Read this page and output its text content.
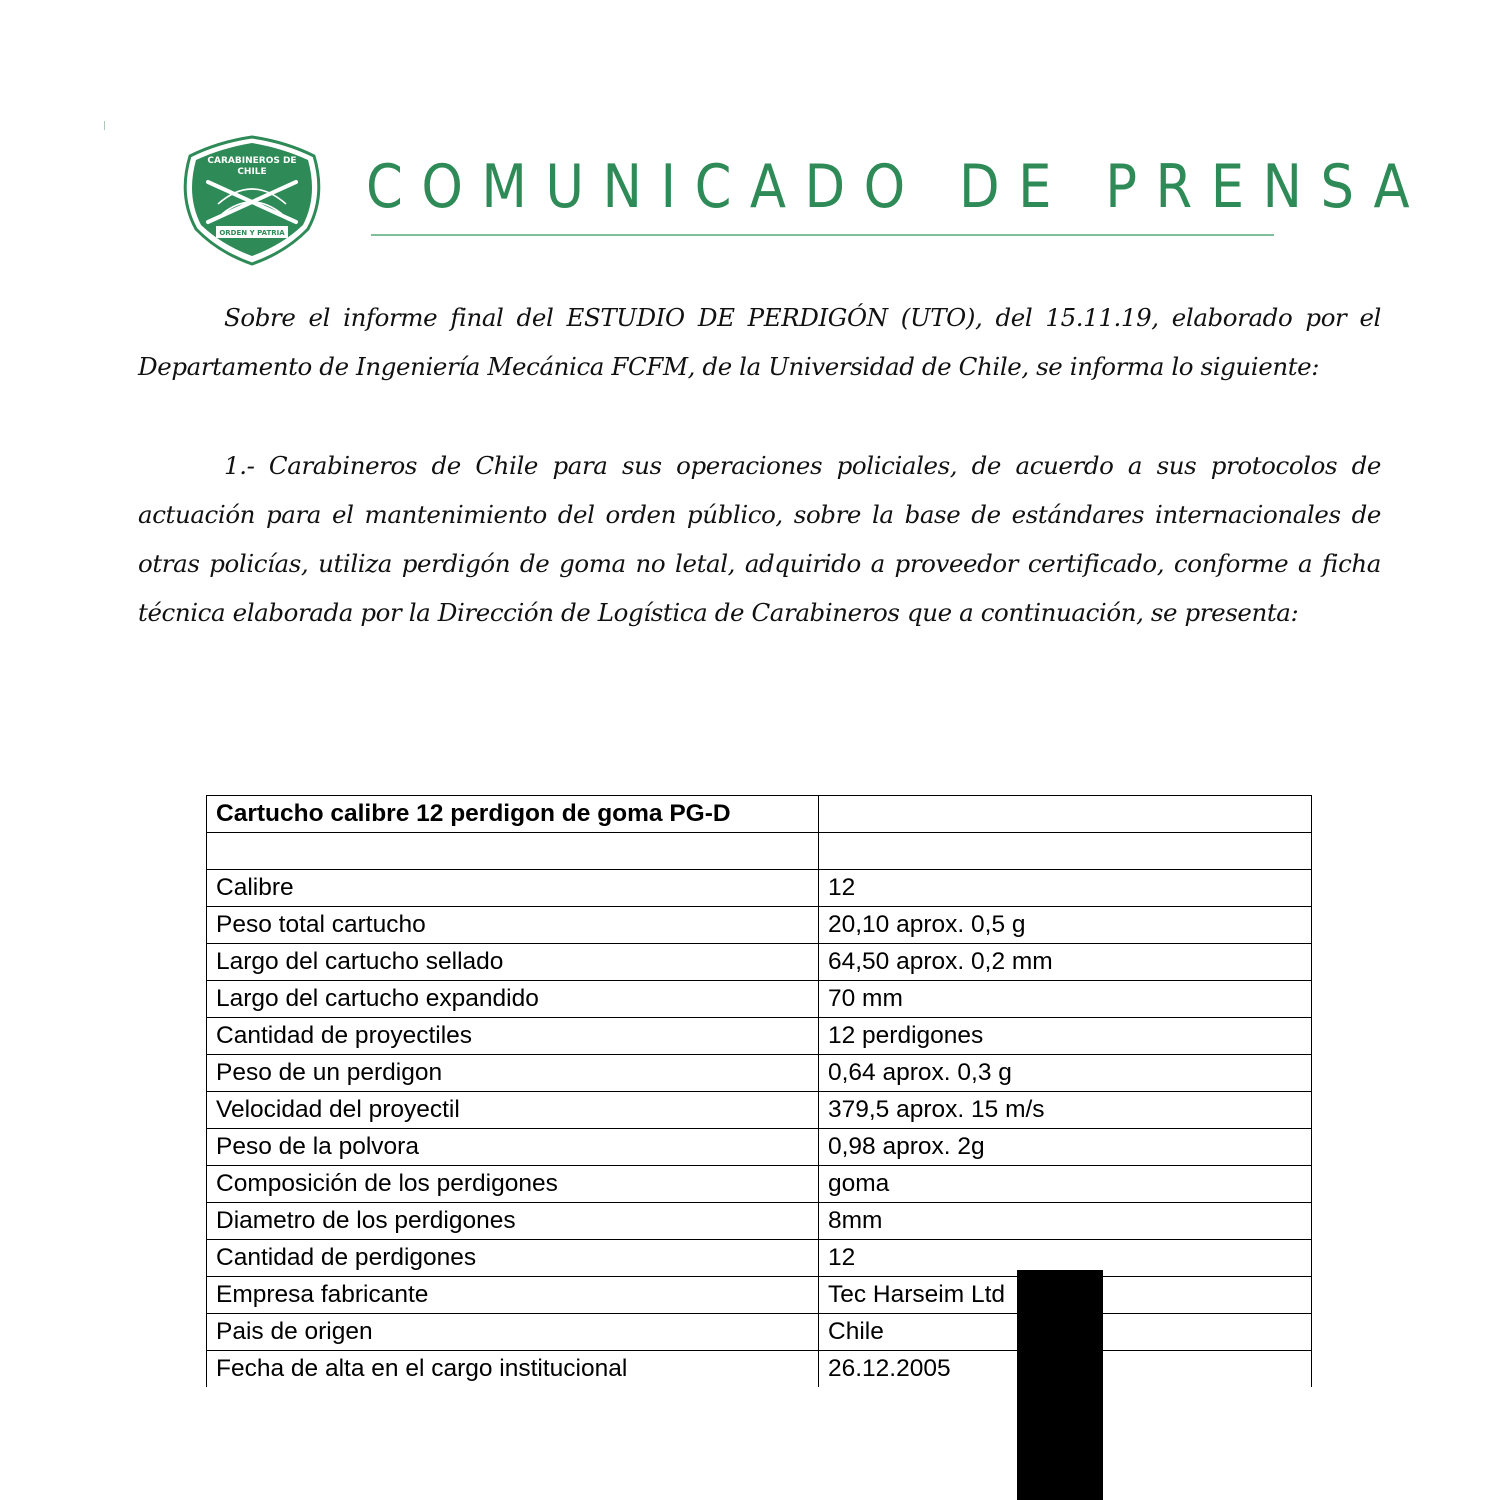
CARABINEROS DE
CHILE
ORDEN Y PATRIA
COMUNICADO DE PRENSA

Sobre el informe final del ESTUDIO DE PERDIGÓN (UTO), del 15.11.19, elaborado por el Departamento de Ingeniería Mecánica FCFM, de la Universidad de Chile, se informa lo siguiente:

1.- Carabineros de Chile para sus operaciones policiales, de acuerdo a sus protocolos de actuación para el mantenimiento del orden público, sobre la base de estándares internacionales de otras policías, utiliza perdigón de goma no letal, adquirido a proveedor certificado, conforme a ficha técnica elaborada por la Dirección de Logística de Carabineros que a continuación, se presenta:

Cartucho calibre 12 perdigon de goma PG-D	

Calibre	12
Peso total cartucho	20,10 aprox. 0,5 g
Largo del cartucho sellado	64,50 aprox. 0,2 mm
Largo del cartucho expandido	70 mm
Cantidad de proyectiles	12 perdigones
Peso de un perdigon	0,64 aprox. 0,3 g
Velocidad del proyectil	379,5 aprox. 15 m/s
Peso de la polvora	0,98 aprox. 2g
Composición de los perdigones	goma
Diametro de los perdigones	8mm
Cantidad de perdigones	12
Empresa fabricante	Tec Harseim Ltd
Pais de origen	Chile
Fecha de alta en el cargo institucional	26.12.2005
